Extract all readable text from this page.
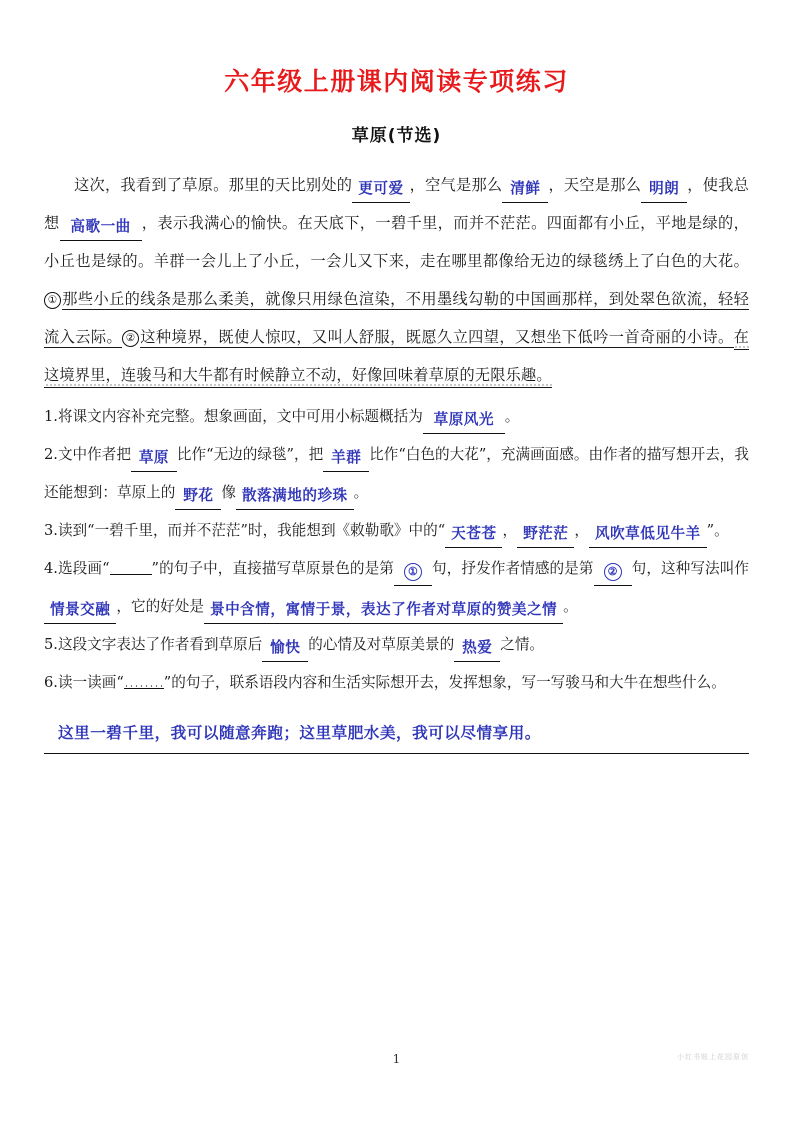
六年级上册课内阅读专项练习
草原(节选)
这次，我看到了草原。那里的天比别处的 更可爱 ，空气是那么 清鲜 ，天空是那么 明朗 ，使我总想 高歌一曲 ，表示我满心的愉快。在天底下，一碧千里，而并不茫茫。四面都有小丘，平地是绿的，小丘也是绿的。羊群一会儿上了小丘，一会儿又下来，走在哪里都像给无边的绿毯绣上了白色的大花。① 那些小丘的线条是那么柔美，就像只用绿色渲染，不用墨线勾勒的中国画那样，到处翠色欲流，轻轻流入云际。 ② 这种境界，既使人惊叹，又叫人舒服，既愿久立四望，又想坐下低吟一首奇丽的小诗。在这境界里，连骏马和大牛都有时候静立不动，好像回味着草原的无限乐趣。

1.将课文内容补充完整。想象画面，文中可用小标题概括为 草原风光 。

2.文中作者把 草原 比作“无边的绿毯”，把 羊群 比作“白色的大花”，充满画面感。由作者的描写想开去，我还能想到：草原上的 野花 像 散落满地的珍珠 。

3.读到“一碧千里，而并不茫茫”时，我能想到《敕勒歌》中的“ 天苍苍 ， 野茫茫 ， 风吹草低见牛羊 ”。

4.选段画“	”的句子中，直接描写草原景色的是第 ① 句，抒发作者情感的是第 ② 句，这种写法叫作情景交融 ，它的好处是 景中含情，寓情于景，表达了作者对草原的赞美之情 。

5.这段文字表达了作者看到草原后 愉快 的心情及对草原美景的 热爱 之情。

6.读一读画“	”的句子，联系语段内容和生活实际想开去，发挥想象，写一写骏马和大牛在想些什么。

这里一碧千里，我可以随意奔跑；这里草肥水美，我可以尽情享用。
1	小红书账上花园原创
